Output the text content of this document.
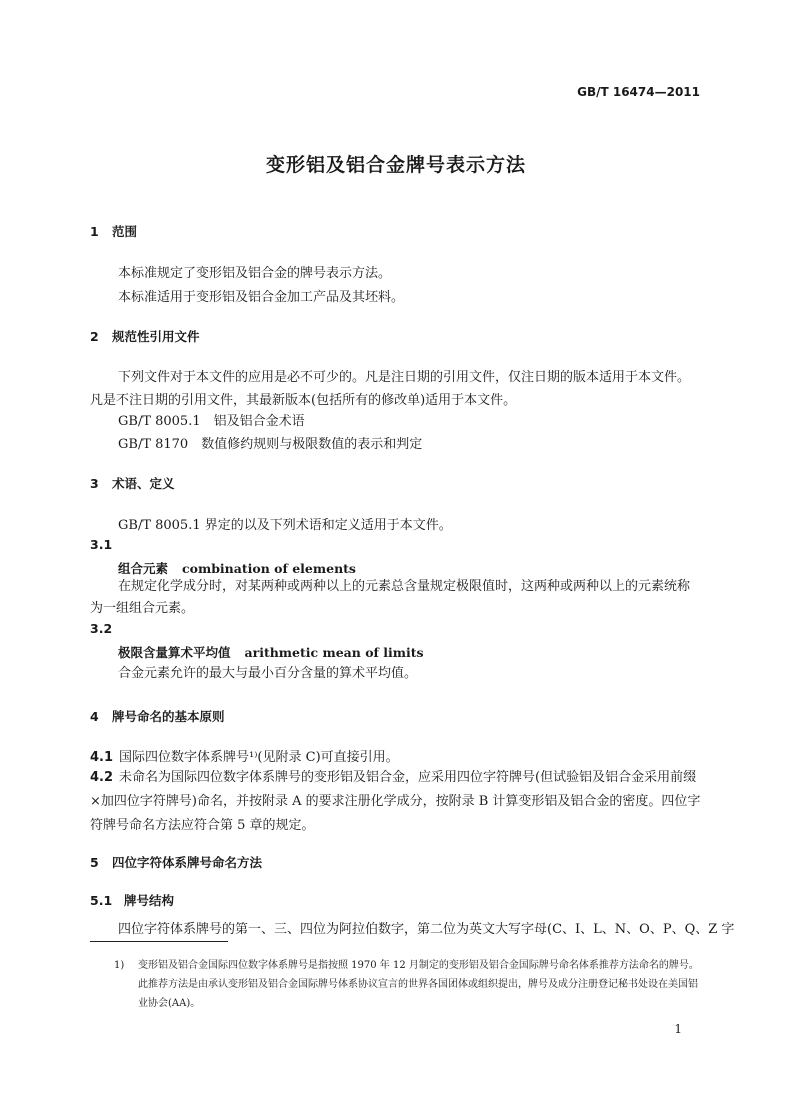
GB/T 16474—2011
变形铝及铝合金牌号表示方法
1 范围
本标准规定了变形铝及铝合金的牌号表示方法。
本标准适用于变形铝及铝合金加工产品及其坯料。
2 规范性引用文件
下列文件对于本文件的应用是必不可少的。凡是注日期的引用文件，仅注日期的版本适用于本文件。凡是不注日期的引用文件，其最新版本(包括所有的修改单)适用于本文件。
GB/T 8005.1　铝及铝合金术语
GB/T 8170　数值修约规则与极限数值的表示和判定
3 术语、定义
GB/T 8005.1 界定的以及下列术语和定义适用于本文件。
3.1
组合元素 combination of elements
在规定化学成分时，对某两种或两种以上的元素总含量规定极限值时，这两种或两种以上的元素统称为一组组合元素。
3.2
极限含量算术平均值 arithmetic mean of limits
合金元素允许的最大与最小百分含量的算术平均值。
4 牌号命名的基本原则
4.1 国际四位数字体系牌号¹⁾(见附录 C)可直接引用。
4.2 未命名为国际四位数字体系牌号的变形铝及铝合金，应采用四位字符牌号(但试验铝及铝合金采用前缀×加四位字符牌号)命名，并按附录 A 的要求注册化学成分，按附录 B 计算变形铝及铝合金的密度。四位字符牌号命名方法应符合第 5 章的规定。
5 四位字符体系牌号命名方法
5.1 牌号结构
四位字符体系牌号的第一、三、四位为阿拉伯数字，第二位为英文大写字母(C、I、L、N、O、P、Q、Z 字
1) 变形铝及铝合金国际四位数字体系牌号是指按照 1970 年 12 月制定的变形铝及铝合金国际牌号命名体系推荐方法命名的牌号。此推荐方法是由承认变形铝及铝合金国际牌号体系协议宣言的世界各国团体或组织提出，牌号及成分注册登记秘书处设在美国铝业协会(AA)。
1
